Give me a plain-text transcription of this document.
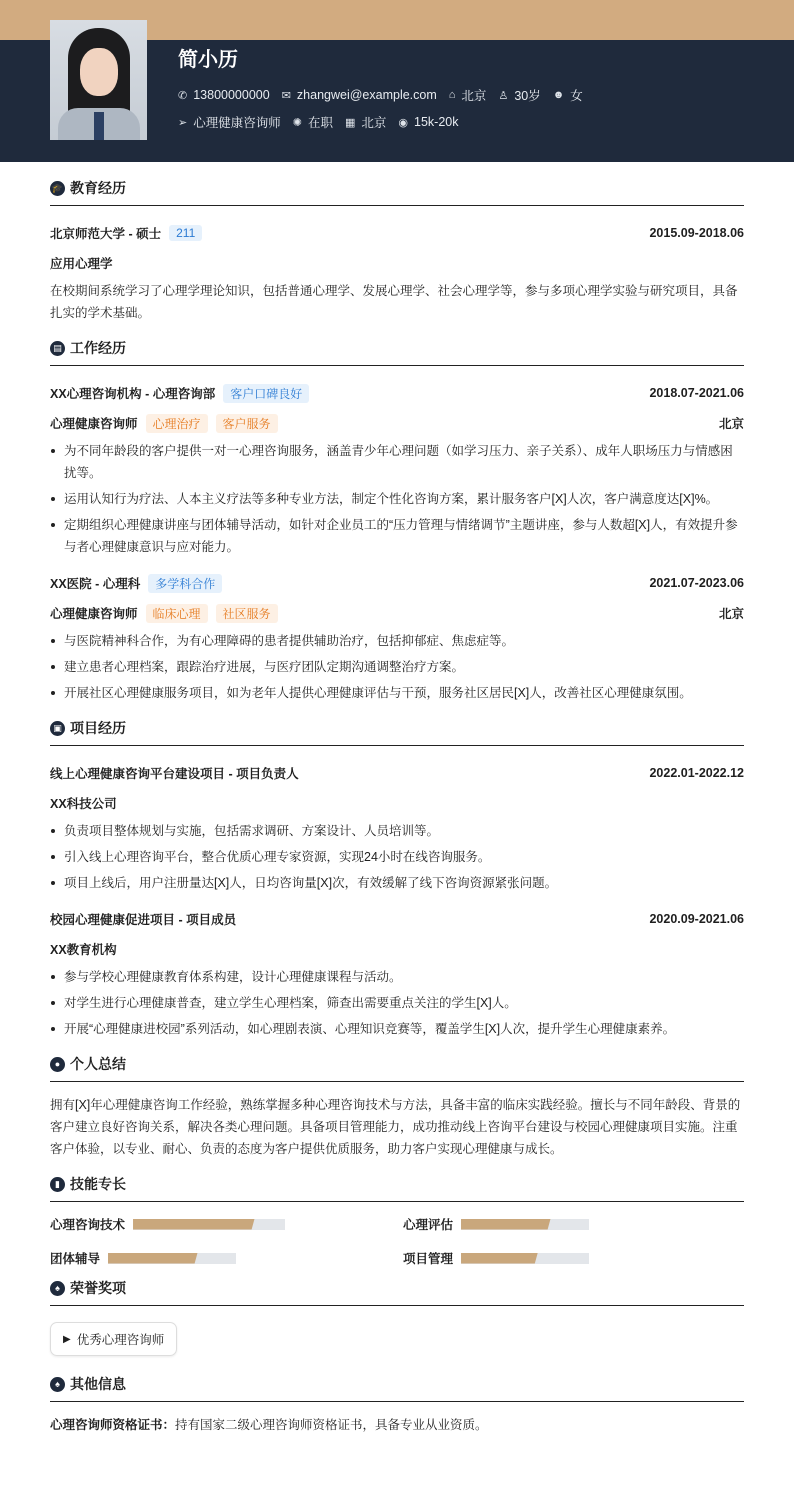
简小历
✆ 13800000000 ✉ zhangwei@example.com ⌂ 北京 ♙ 30岁 ☻ 女
➢ 心理健康咨询师 ✺ 在职 ▦ 北京 ◉ 15k-20k
🎓 教育经历
北京师范大学 - 硕士	211	2015.09-2018.06
应用心理学

在校期间系统学习了心理学理论知识，包括普通心理学、发展心理学、社会心理学等，参与多项心理学实验与研究项目，具备扎实的学术基础。

▤ 工作经历
XX心理咨询机构 - 心理咨询部	客户口碑良好	2018.07-2021.06
心理健康咨询师	心理治疗	客户服务	北京
为不同年龄段的客户提供一对一心理咨询服务，涵盖青少年心理问题（如学习压力、亲子关系）、成年人职场压力与情感困扰等。
运用认知行为疗法、人本主义疗法等多种专业方法，制定个性化咨询方案，累计服务客户[X]人次，客户满意度达[X]%。
定期组织心理健康讲座与团体辅导活动，如针对企业员工的“压力管理与情绪调节”主题讲座，参与人数超[X]人，有效提升参与者心理健康意识与应对能力。
XX医院 - 心理科	多学科合作	2021.07-2023.06
心理健康咨询师	临床心理	社区服务	北京
与医院精神科合作，为有心理障碍的患者提供辅助治疗，包括抑郁症、焦虑症等。
建立患者心理档案，跟踪治疗进展，与医疗团队定期沟通调整治疗方案。
开展社区心理健康服务项目，如为老年人提供心理健康评估与干预，服务社区居民[X]人，改善社区心理健康氛围。
▣ 项目经历
线上心理健康咨询平台建设项目 - 项目负责人	2022.01-2022.12
XX科技公司
负责项目整体规划与实施，包括需求调研、方案设计、人员培训等。
引入线上心理咨询平台，整合优质心理专家资源，实现24小时在线咨询服务。
项目上线后，用户注册量达[X]人，日均咨询量[X]次，有效缓解了线下咨询资源紧张问题。
校园心理健康促进项目 - 项目成员	2020.09-2021.06
XX教育机构
参与学校心理健康教育体系构建，设计心理健康课程与活动。
对学生进行心理健康普查，建立学生心理档案，筛查出需要重点关注的学生[X]人。
开展“心理健康进校园”系列活动，如心理剧表演、心理知识竞赛等，覆盖学生[X]人次，提升学生心理健康素养。
● 个人总结

拥有[X]年心理健康咨询工作经验，熟练掌握多种心理咨询技术与方法，具备丰富的临床实践经验。擅长与不同年龄段、背景的客户建立良好咨询关系，解决各类心理问题。具备项目管理能力，成功推动线上咨询平台建设与校园心理健康项目实施。注重客户体验，以专业、耐心、负责的态度为客户提供优质服务，助力客户实现心理健康与成长。

▮ 技能专长
心理咨询技术	心理评估
团体辅导	项目管理
♠ 荣誉奖项
▶ 优秀心理咨询师
♠ 其他信息

心理咨询师资格证书：持有国家二级心理咨询师资格证书，具备专业从业资质。
